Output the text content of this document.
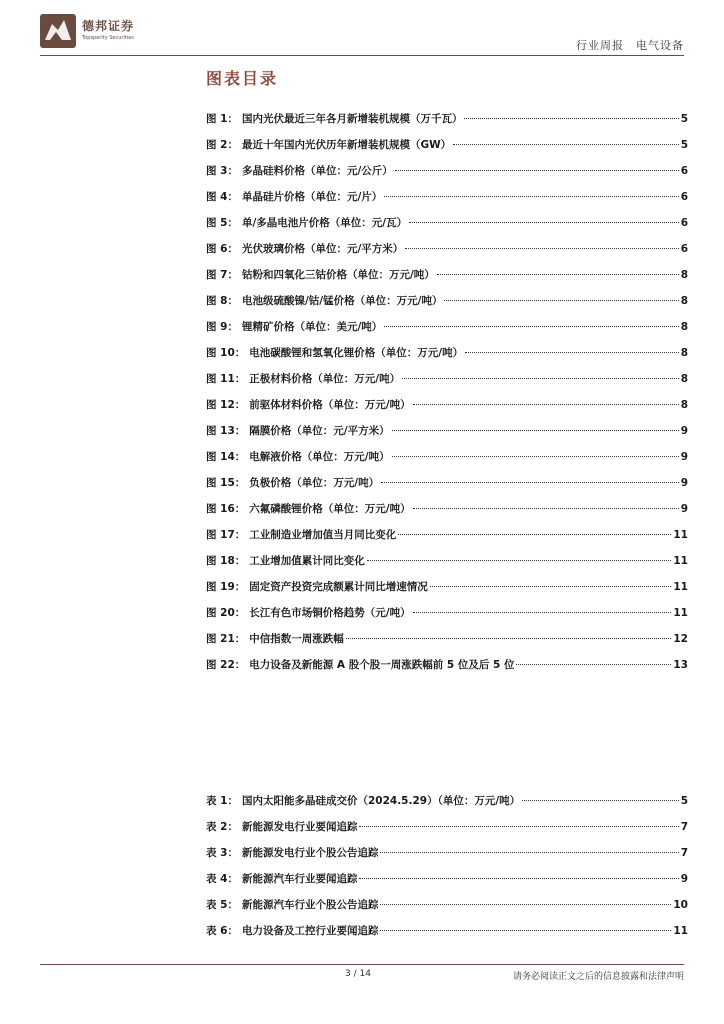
德邦证券
Topsperity Securities
行业周报 电气设备
图表目录
图 1 ： 国内光伏最近三年各月新增装机规模（万千瓦）	5
图 2 ： 最近十年国内光伏历年新增装机规模（GW）	5
图 3 ： 多晶硅料价格（单位：元/公斤）	6
图 4 ： 单晶硅片价格（单位：元/片）	6
图 5 ： 单/多晶电池片价格（单位：元/瓦）	6
图 6 ： 光伏玻璃价格（单位：元/平方米）	6
图 7 ： 钴粉和四氧化三钴价格（单位：万元/吨）	8
图 8 ： 电池级硫酸镍/钴/锰价格（单位：万元/吨）	8
图 9 ： 锂精矿价格（单位：美元/吨）	8
图 10 ： 电池碳酸锂和氢氧化锂价格（单位：万元/吨）	8
图 11 ： 正极材料价格（单位：万元/吨）	8
图 12 ： 前驱体材料价格（单位：万元/吨）	8
图 13 ： 隔膜价格（单位：元/平方米）	9
图 14 ： 电解液价格（单位：万元/吨）	9
图 15 ： 负极价格（单位：万元/吨）	9
图 16 ： 六氟磷酸锂价格（单位：万元/吨）	9
图 17 ： 工业制造业增加值当月同比变化	11
图 18 ： 工业增加值累计同比变化	11
图 19 ： 固定资产投资完成额累计同比增速情况	11
图 20 ： 长江有色市场铜价格趋势（元/吨）	11
图 21 ： 中信指数一周涨跌幅	12
图 22 ： 电力设备及新能源 A 股个股一周涨跌幅前 5 位及后 5 位	13
表 1 ： 国内太阳能多晶硅成交价（2024.5.29）（单位：万元/吨）	5
表 2 ： 新能源发电行业要闻追踪	7
表 3 ： 新能源发电行业个股公告追踪	7
表 4 ： 新能源汽车行业要闻追踪	9
表 5 ： 新能源汽车行业个股公告追踪	10
表 6 ： 电力设备及工控行业要闻追踪	11
3 / 14	请务必阅读正文之后的信息披露和法律声明
